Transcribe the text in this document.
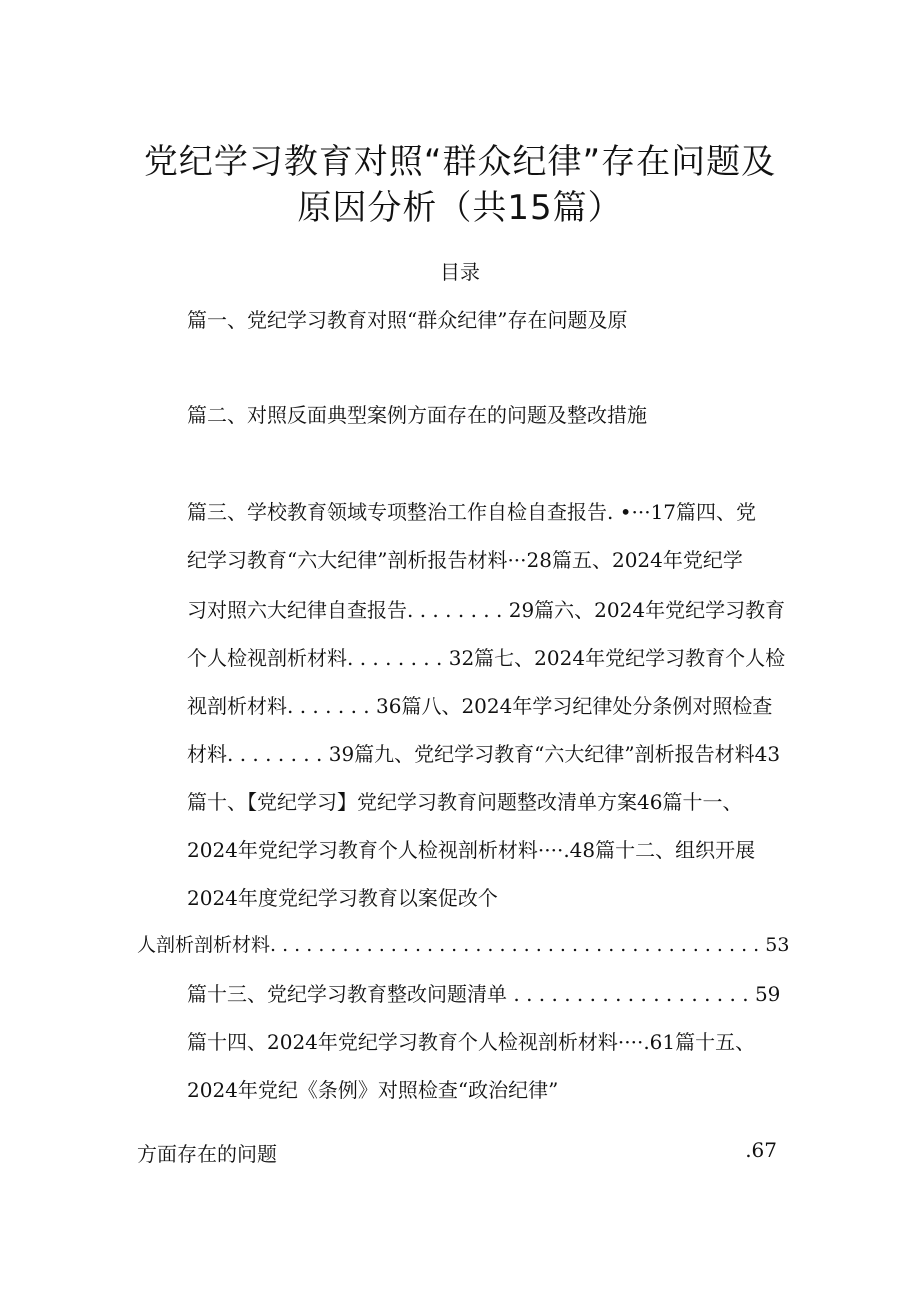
党纪学习教育对照“群众纪律”存在问题及
原因分析（共15篇）
目录
篇一、党纪学习教育对照“群众纪律”存在问题及原
篇二、对照反面典型案例方面存在的问题及整改措施
篇三、学校教育领域专项整治工作自检自查报告. •···17篇四、党
纪学习教育“六大纪律”剖析报告材料···28篇五、2024年党纪学
习对照六大纪律自查报告. . . . . . . . 29篇六、2024年党纪学习教育
个人检视剖析材料. . . . . . . . 32篇七、2024年党纪学习教育个人检
视剖析材料. . . . . . . 36篇八、2024年学习纪律处分条例对照检查
材料. . . . . . . . 39篇九、党纪学习教育“六大纪律”剖析报告材料43
篇十、【党纪学习】党纪学习教育问题整改清单方案46篇十一、
2024年党纪学习教育个人检视剖析材料····.48篇十二、组织开展
2024年度党纪学习教育以案促改个
人剖析剖析材料. . . . . . . . . . . . . . . . . . . . . . . . . . . . . . . . . . . . . . . . . 53
篇十三、党纪学习教育整改问题清单 . . . . . . . . . . . . . . . . . . . 59
篇十四、2024年党纪学习教育个人检视剖析材料····.61篇十五、
2024年党纪《条例》对照检查“政治纪律”
方面存在的问题	.67
